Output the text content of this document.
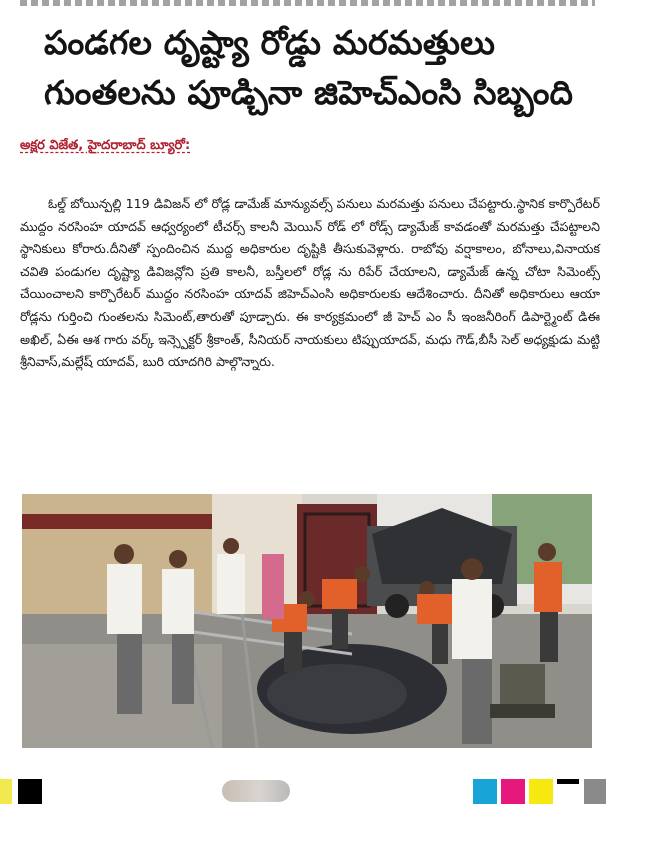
పండగల దృష్ట్యా రోడ్డు మరమత్తులు
గుంతలను పూడ్చినా జిహెచ్ఎంసి సిబ్బంది
అక్షర విజేత, హైదరాబాద్ బ్యూరో:

ఓల్డ్ బోయిన్పల్లి 119 డివిజన్ లో రోడ్ల డామేజ్ మాన్యువల్స్ పనులు మరమత్తు పనులు చేపట్టారు.స్థానిక కార్పొరేటర్ ముద్దం నరసింహ యాదవ్ ఆధ్వర్యంలో టీచర్స్ కాలనీ మెయిన్ రోడ్ లో రోడ్స్ డ్యామేజ్ కావడంతో మరమత్తు చేపట్టాలని స్థానికులు కోరారు.దీనితో స్పందించిన ముద్ద అధికారుల దృష్టికి తీసుకువెళ్లారు. రాబోవు వర్షాకాలం, బోనాలు,వినాయక చవితి పండుగల దృష్ట్యా డివిజన్లోని ప్రతి కాలనీ, బస్తీలలో రోడ్ల ను రిపేర్ చేయాలని, డ్యామేజ్ ఉన్న చోటా సిమెంట్స్ చేయించాలని కార్పొరేటర్ ముద్దం నరసింహ యాదవ్ జిహెచ్ఎంసి అధికారులకు ఆదేశించారు. దీనితో అధికారులు ఆయా రోడ్లను గుర్తించి గుంతలను సిమెంట్,తారుతో పూడ్చారు. ఈ కార్యక్రమంలో జీ హెచ్ ఎం సీ ఇంజనీరింగ్ డిపార్ట్మెంట్ డిఈ అఖిల్, ఏఈ ఆశ గారు వర్క్ ఇన్స్పెక్టర్ శ్రీకాంత్, సీనియర్ నాయకులు టిప్పుయాదవ్, మధు గౌడ్,బీసీ సెల్ అధ్యక్షుడు మట్టి శ్రీనివాస్,మల్లేష్ యాదవ్, బురి యాదగిరి పాల్గొన్నారు.
